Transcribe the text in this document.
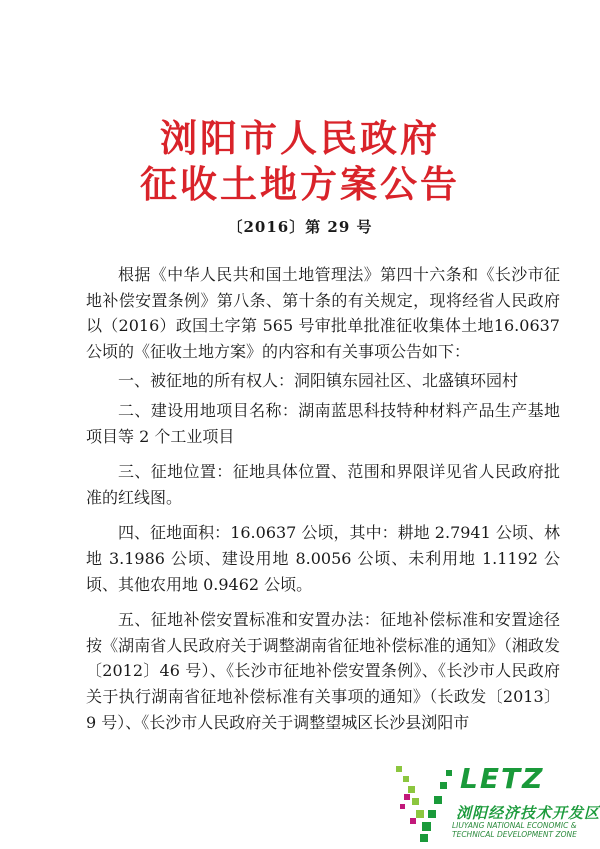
浏阳市人民政府
征收土地方案公告
〔2016〕第 29 号

根据《中华人民共和国土地管理法》第四十六条和《长沙市征地补偿安置条例》第八条、第十条的有关规定，现将经省人民政府以（2016）政国土字第 565 号审批单批准征收集体土地16.0637 公顷的《征收土地方案》的内容和有关事项公告如下：

一、被征地的所有权人：洞阳镇东园社区、北盛镇环园村

二、建设用地项目名称：湖南蓝思科技特种材料产品生产基地项目等 2 个工业项目

三、征地位置：征地具体位置、范围和界限详见省人民政府批准的红线图。

四、征地面积：16.0637 公顷，其中：耕地 2.7941 公顷、林地 3.1986 公顷、建设用地 8.0056 公顷、未利用地 1.1192 公顷、其他农用地 0.9462 公顷。

五、征地补偿安置标准和安置办法：征地补偿标准和安置途径按《湖南省人民政府关于调整湖南省征地补偿标准的通知》（湘政发〔2012〕46 号）、《长沙市征地补偿安置条例》、《长沙市人民政府关于执行湖南省征地补偿标准有关事项的通知》（长政发〔2013〕9 号）、《长沙市人民政府关于调整望城区长沙县浏阳市

LETZ
浏阳经济技术开发区
LIUYANG NATIONAL ECONOMIC & TECHNICAL DEVELOPMENT ZONE
